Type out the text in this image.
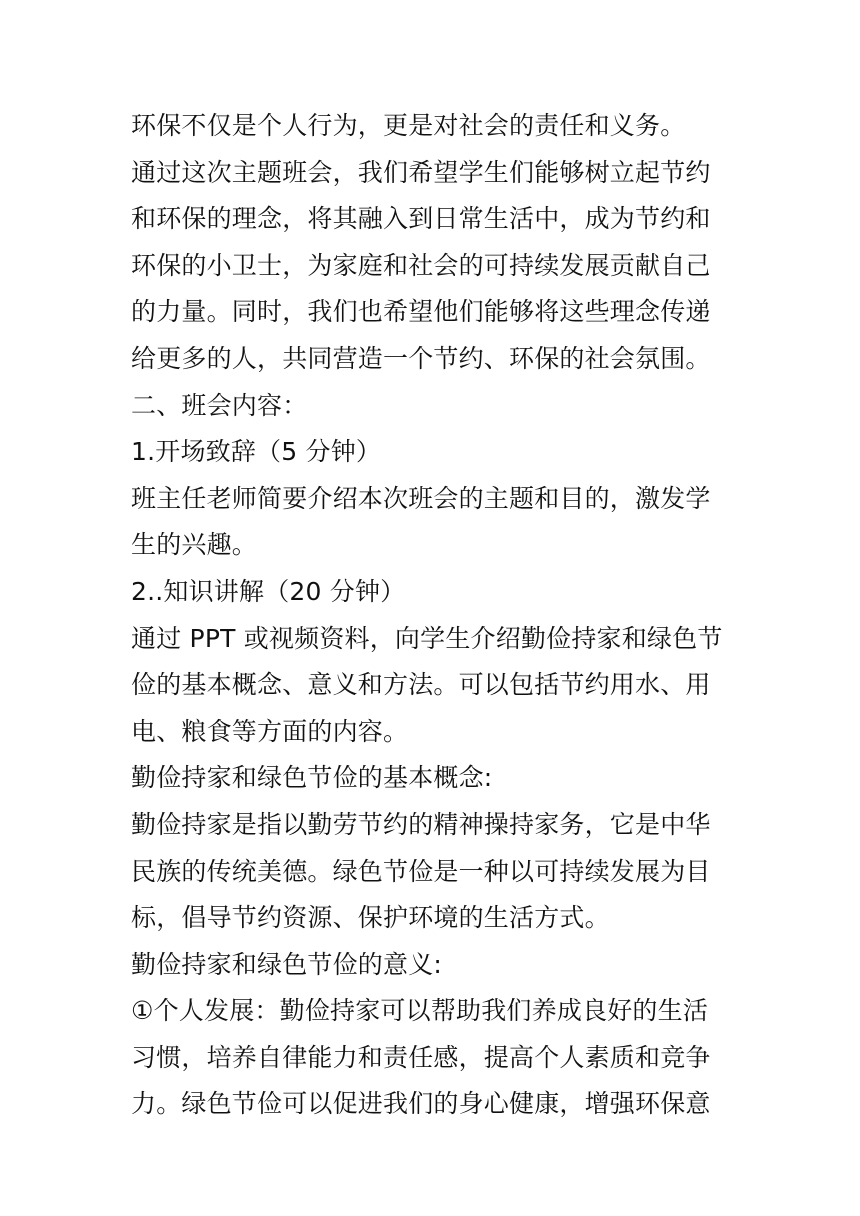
环保不仅是个人行为，更是对社会的责任和义务。
通过这次主题班会，我们希望学生们能够树立起节约
和环保的理念，将其融入到日常生活中，成为节约和
环保的小卫士，为家庭和社会的可持续发展贡献自己
的力量。同时，我们也希望他们能够将这些理念传递
给更多的人，共同营造一个节约、环保的社会氛围。
二、班会内容：
1.开场致辞（5 分钟）
班主任老师简要介绍本次班会的主题和目的，激发学
生的兴趣。
2..知识讲解（20 分钟）
通过 PPT 或视频资料，向学生介绍勤俭持家和绿色节
俭的基本概念、意义和方法。可以包括节约用水、用
电、粮食等方面的内容。
勤俭持家和绿色节俭的基本概念:
勤俭持家是指以勤劳节约的精神操持家务，它是中华
民族的传统美德。绿色节俭是一种以可持续发展为目
标，倡导节约资源、保护环境的生活方式。
勤俭持家和绿色节俭的意义:
①个人发展：勤俭持家可以帮助我们养成良好的生活
习惯，培养自律能力和责任感，提高个人素质和竞争
力。绿色节俭可以促进我们的身心健康，增强环保意
